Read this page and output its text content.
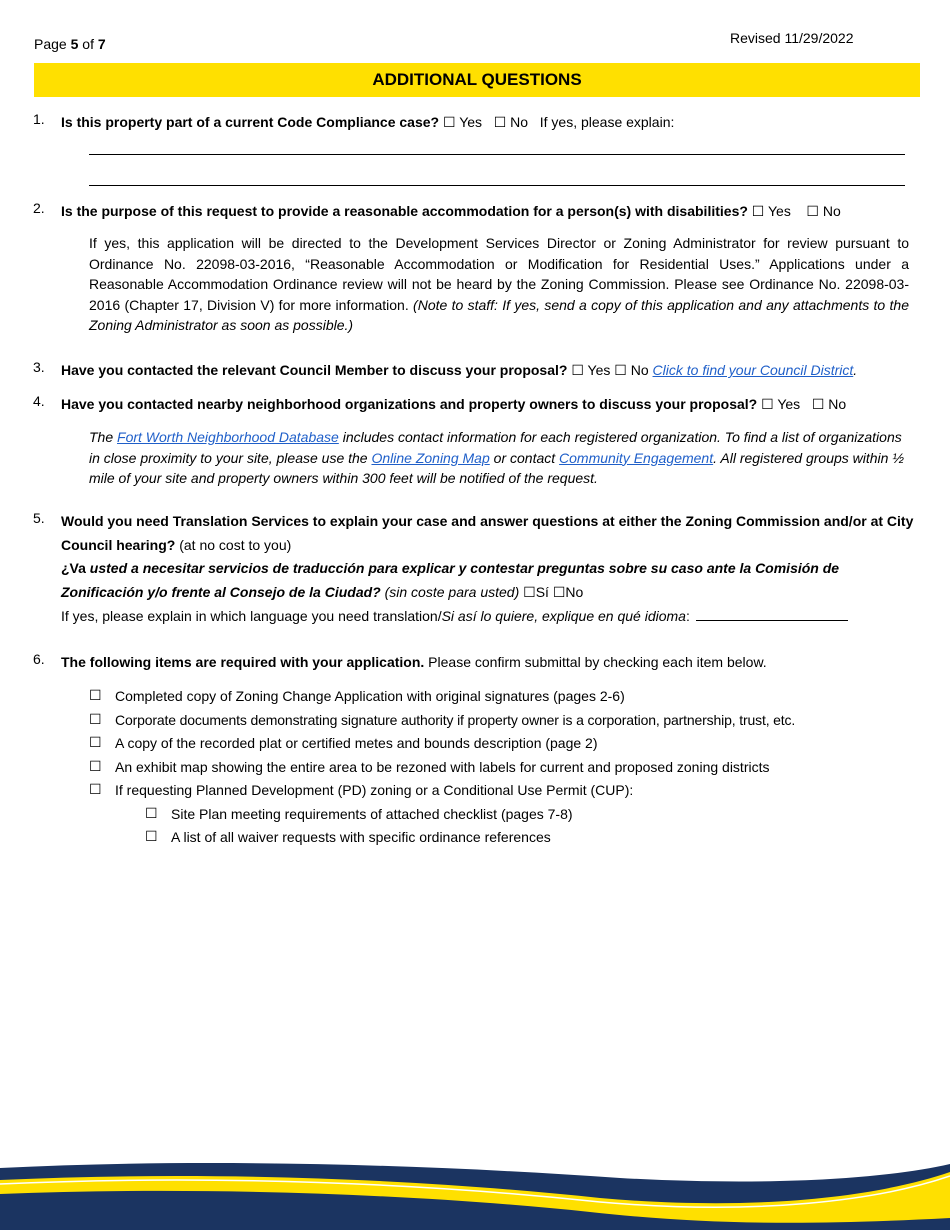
Page 5 of 7	Revised 11/29/2022
ADDITIONAL QUESTIONS
1.	Is this property part of a current Code Compliance case? ☐ Yes ☐ No If yes, please explain:
2.	Is the purpose of this request to provide a reasonable accommodation for a person(s) with disabilities? ☐ Yes ☐ No
If yes, this application will be directed to the Development Services Director or Zoning Administrator for review pursuant to Ordinance No. 22098-03-2016, “Reasonable Accommodation or Modification for Residential Uses.” Applications under a Reasonable Accommodation Ordinance review will not be heard by the Zoning Commission. Please see Ordinance No. 22098-03-2016 (Chapter 17, Division V) for more information. (Note to staff: If yes, send a copy of this application and any attachments to the Zoning Administrator as soon as possible.)
3.	Have you contacted the relevant Council Member to discuss your proposal? ☐ Yes ☐ No Click to find your Council District.
4.	Have you contacted nearby neighborhood organizations and property owners to discuss your proposal? ☐ Yes ☐ No
The Fort Worth Neighborhood Database includes contact information for each registered organization. To find a list of organizations in close proximity to your site, please use the Online Zoning Map or contact Community Engagement. All registered groups within ½ mile of your site and property owners within 300 feet will be notified of the request.
5.	Would you need Translation Services to explain your case and answer questions at either the Zoning Commission and/or at City Council hearing? (at no cost to you)
¿Va usted a necesitar servicios de traducción para explicar y contestar preguntas sobre su caso ante la Comisión de Zonificación y/o frente al Consejo de la Ciudad? (sin coste para usted) ☐Sí ☐No
If yes, please explain in which language you need translation/Si así lo quiere, explique en qué idioma:
6.	The following items are required with your application. Please confirm submittal by checking each item below.
☐ Completed copy of Zoning Change Application with original signatures (pages 2-6)
☐ Corporate documents demonstrating signature authority if property owner is a corporation, partnership, trust, etc.
☐ A copy of the recorded plat or certified metes and bounds description (page 2)
☐ An exhibit map showing the entire area to be rezoned with labels for current and proposed zoning districts
☐ If requesting Planned Development (PD) zoning or a Conditional Use Permit (CUP):
☐ Site Plan meeting requirements of attached checklist (pages 7-8)
☐ A list of all waiver requests with specific ordinance references
